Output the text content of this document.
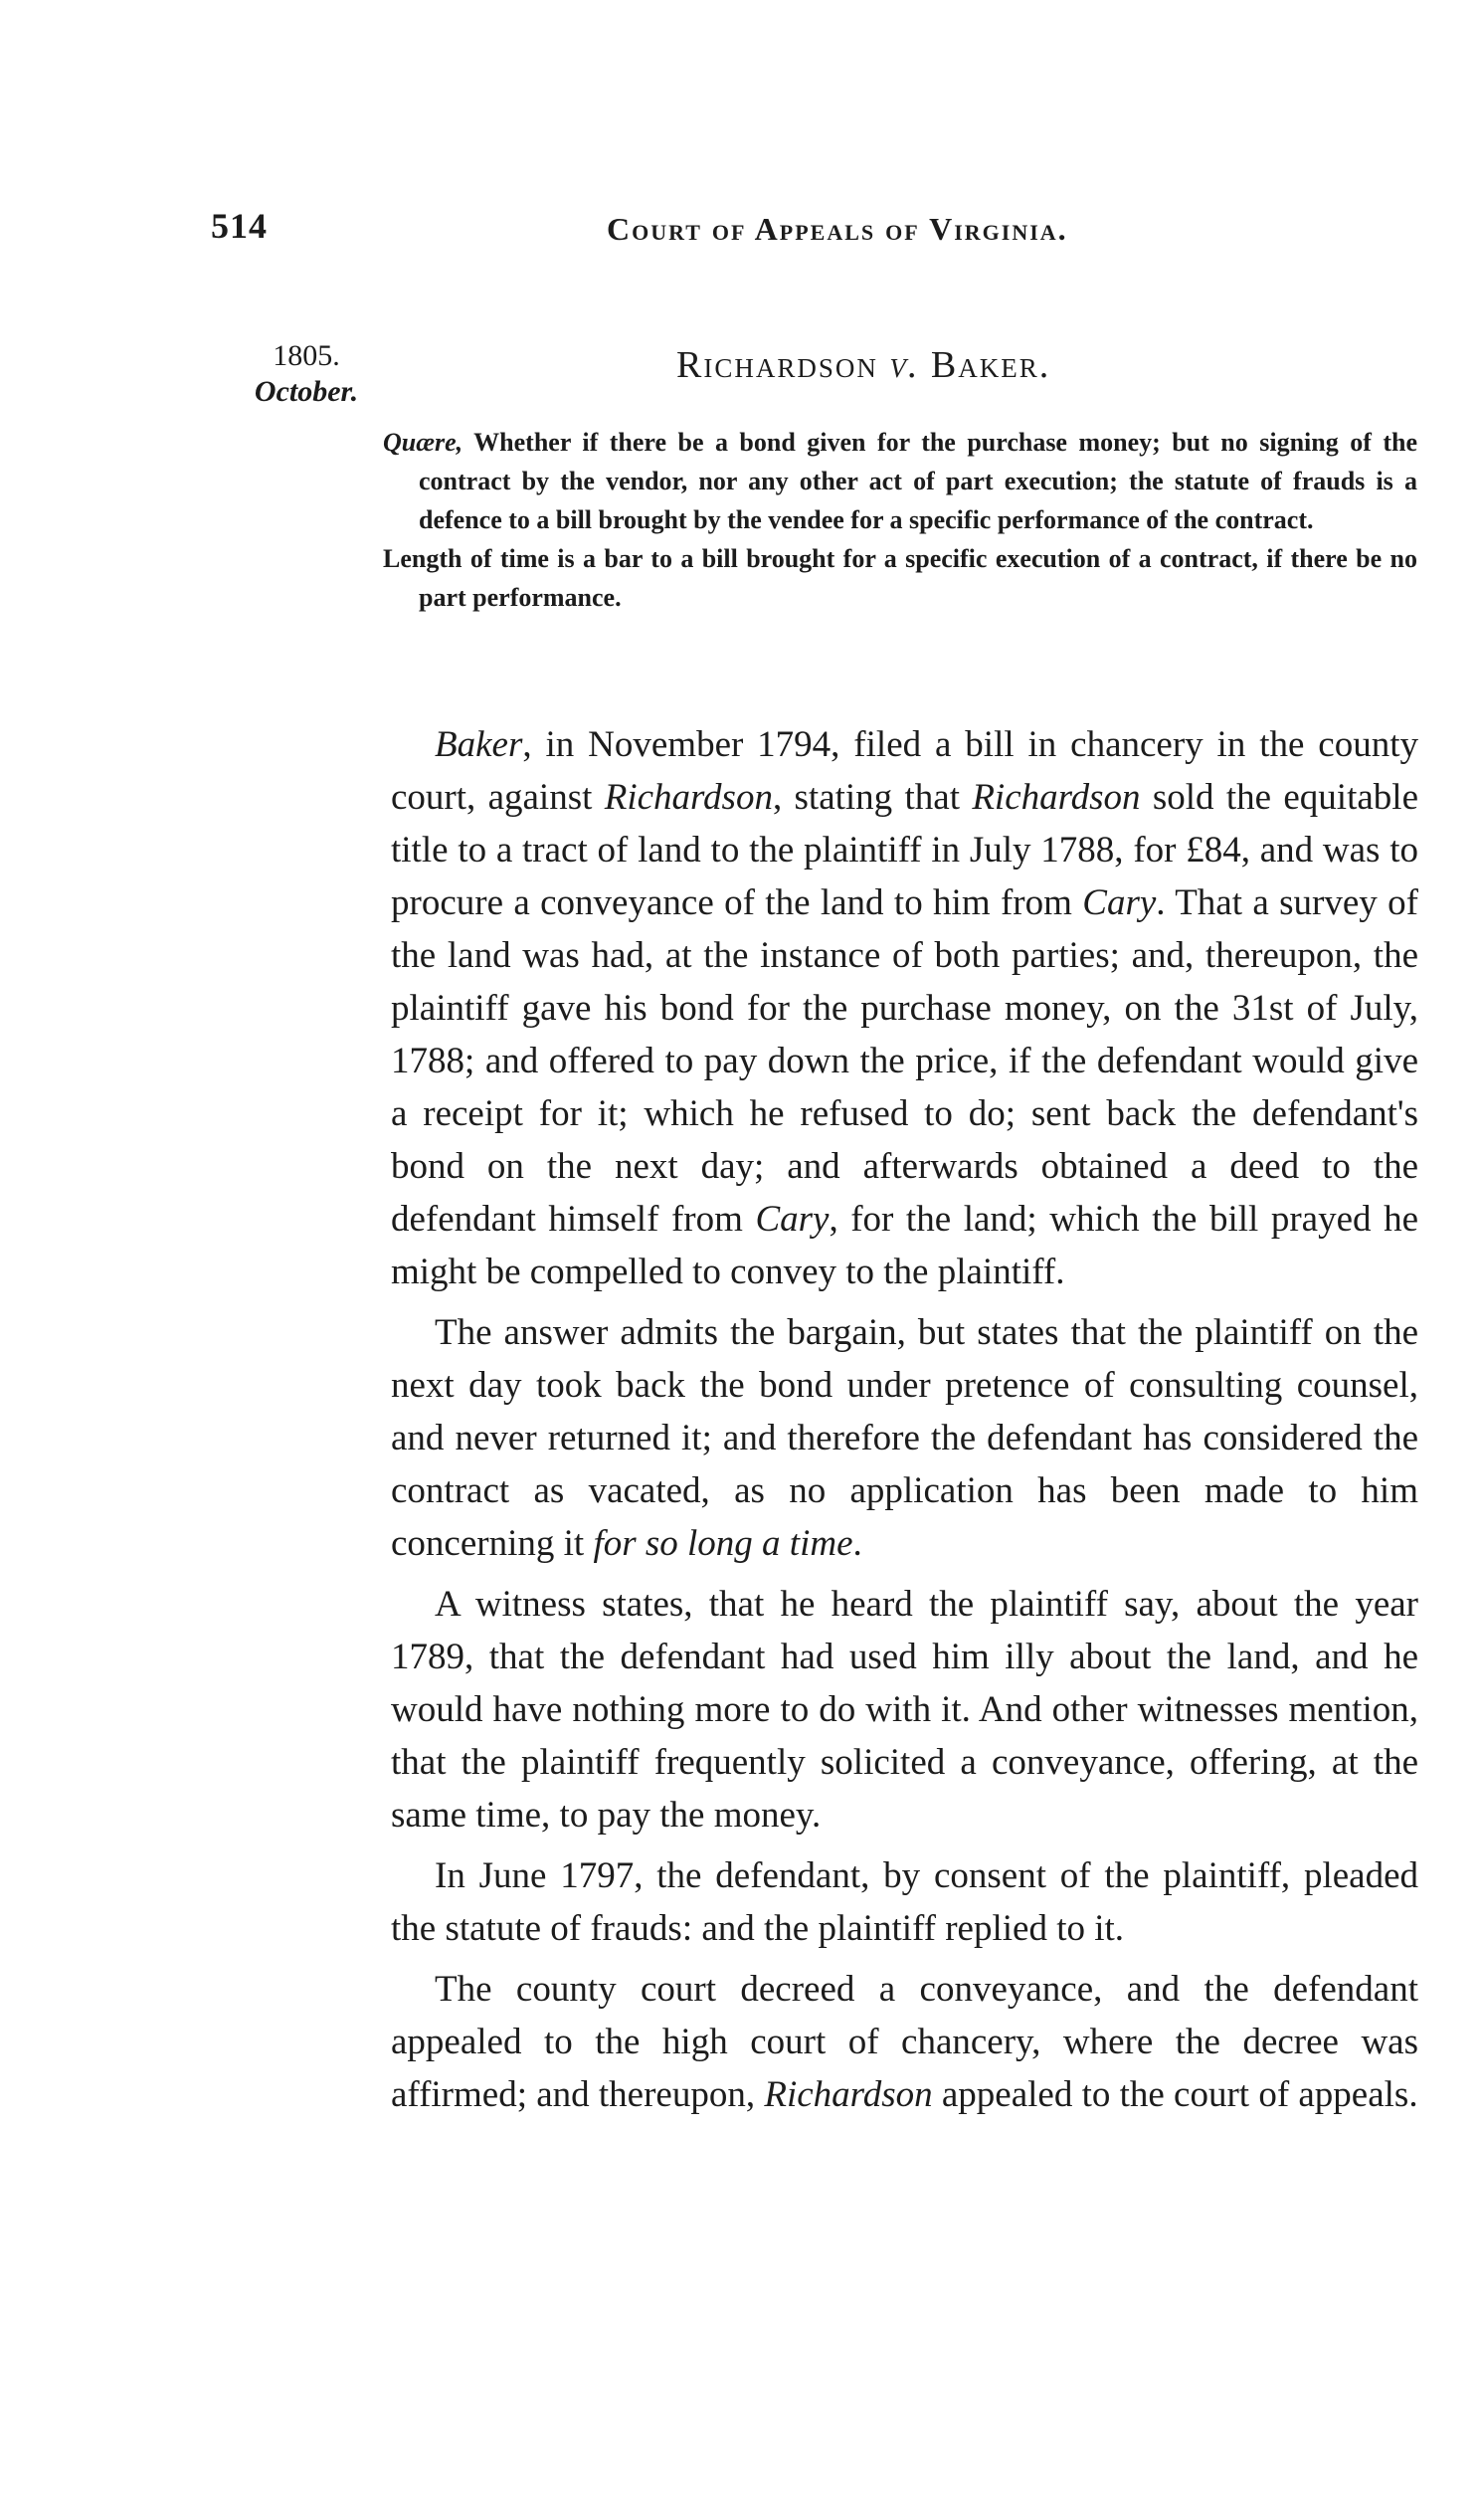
514	Court of Appeals of Virginia.
1805.
October.
Richardson v. Baker.

Quære, Whether if there be a bond given for the purchase money; but no signing of the contract by the vendor, nor any other act of part execution; the statute of frauds is a defence to a bill brought by the vendee for a specific performance of the contract.

Length of time is a bar to a bill brought for a specific execution of a contract, if there be no part performance.

Baker, in November 1794, filed a bill in chancery in the county court, against Richardson, stating that Richardson sold the equitable title to a tract of land to the plaintiff in July 1788, for £84, and was to procure a conveyance of the land to him from Cary. That a survey of the land was had, at the instance of both parties; and, thereupon, the plaintiff gave his bond for the purchase money, on the 31st of July, 1788; and offered to pay down the price, if the defendant would give a receipt for it; which he refused to do; sent back the defendant's bond on the next day; and afterwards obtained a deed to the defendant himself from Cary, for the land; which the bill prayed he might be compelled to convey to the plaintiff.

The answer admits the bargain, but states that the plaintiff on the next day took back the bond under pretence of consulting counsel, and never returned it; and therefore the defendant has considered the contract as vacated, as no application has been made to him concerning it for so long a time.

A witness states, that he heard the plaintiff say, about the year 1789, that the defendant had used him illy about the land, and he would have nothing more to do with it. And other witnesses mention, that the plaintiff frequently solicited a conveyance, offering, at the same time, to pay the money.

In June 1797, the defendant, by consent of the plaintiff, pleaded the statute of frauds: and the plaintiff replied to it.

The county court decreed a conveyance, and the defendant appealed to the high court of chancery, where the decree was affirmed; and thereupon, Richardson appealed to the court of appeals.
